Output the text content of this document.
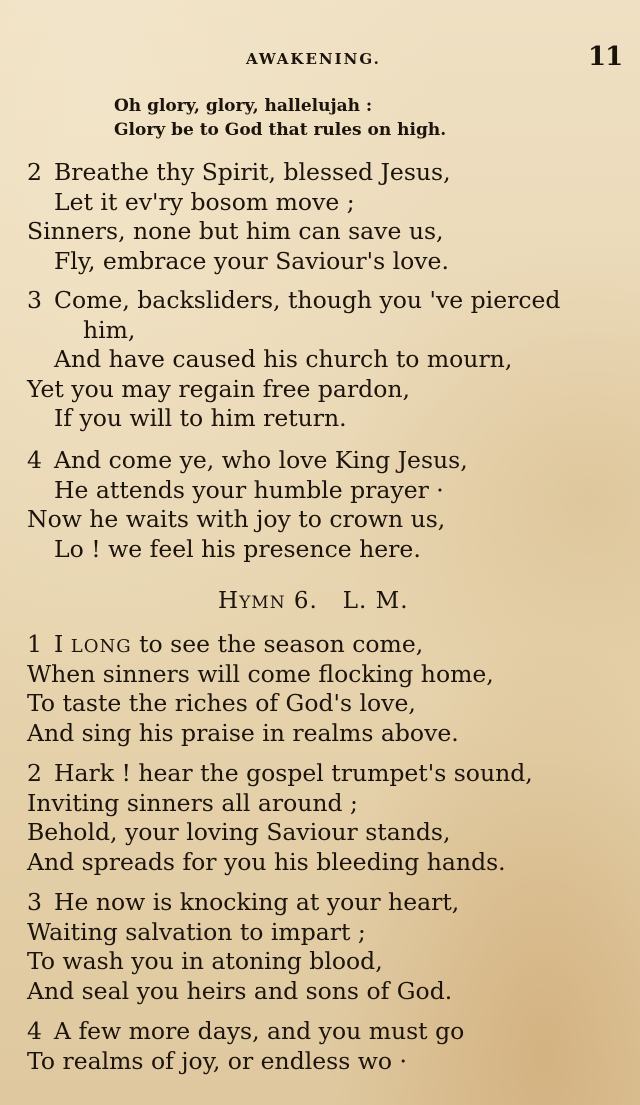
AWAKENING.	11
Oh glory, glory, hallelujah :
Glory be to God that rules on high.
2 Breathe thy Spirit, blessed Jesus,
Let it ev'ry bosom move ;
Sinners, none but him can save us,
Fly, embrace your Saviour's love.
3 Come, backsliders, though you 've pierced
him,
And have caused his church to mourn,
Yet you may regain free pardon,
If you will to him return.
4 And come ye, who love King Jesus,
He attends your humble prayer ·
Now he waits with joy to crown us,
Lo ! we feel his presence here.
HYMN 6. L. M.
1 I LONG to see the season come,
When sinners will come flocking home,
To taste the riches of God's love,
And sing his praise in realms above.
2 Hark ! hear the gospel trumpet's sound,
Inviting sinners all around ;
Behold, your loving Saviour stands,
And spreads for you his bleeding hands.
3 He now is knocking at your heart,
Waiting salvation to impart ;
To wash you in atoning blood,
And seal you heirs and sons of God.
4 A few more days, and you must go
To realms of joy, or endless wo ·
